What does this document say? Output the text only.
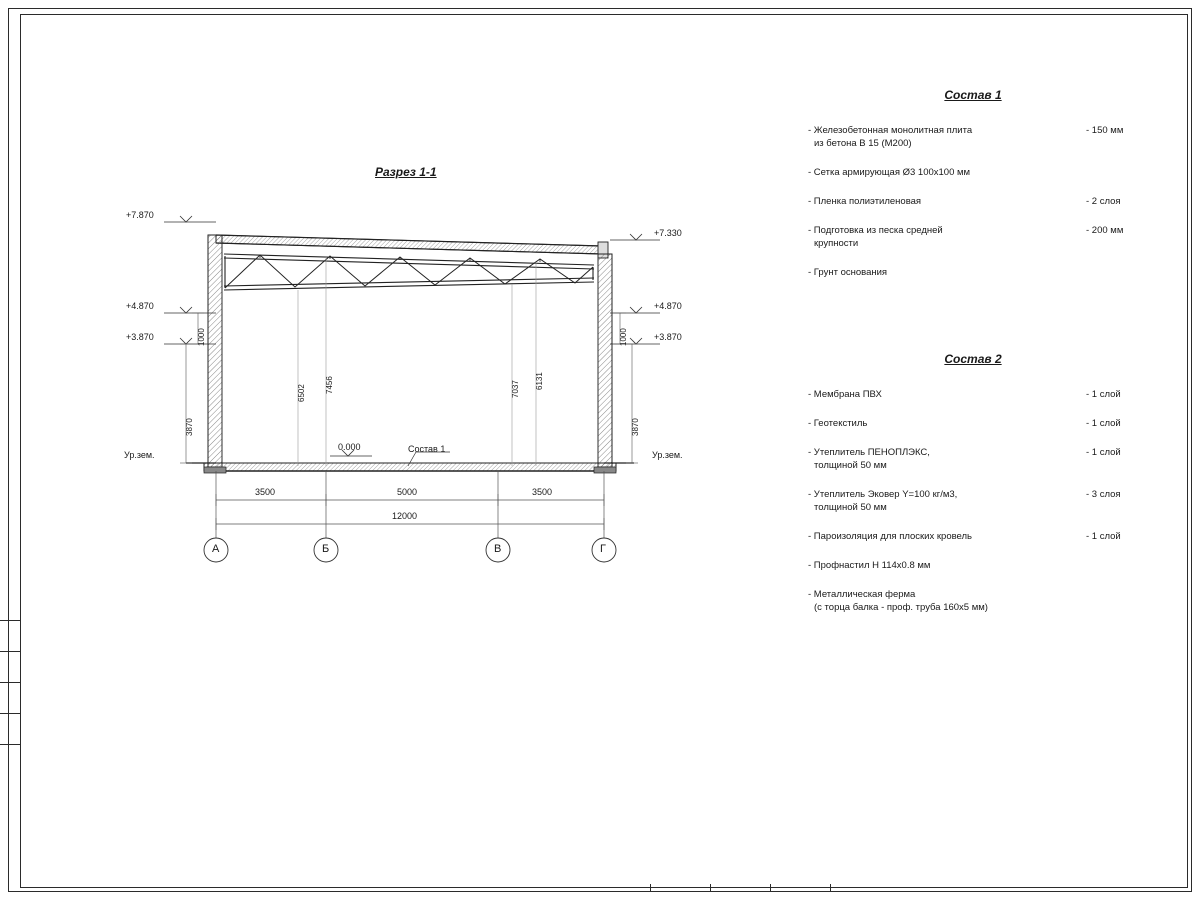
Разрез 1-1
+7.870
+4.870
+3.870
Ур.зем.
+7.330
+4.870
+3.870
Ур.зем.
0.000	Состав 1
1000
3870
1000
3870
6502 7456	7037 6131
3500	5000	3500
12000
А	Б	В	Г
Состав 1
- Железобетонная монолитная плита
из бетона В 15 (М200)
- 150 мм
- Сетка армирующая Ø3 100х100 мм
- Пленка полиэтиленовая	- 2 слоя
- Подготовка из песка средней
крупности
- 200 мм
- Грунт основания
Состав 2
- Мембрана ПВХ	- 1 слой
- Геотекстиль	- 1 слой
- Утеплитель ПЕНОПЛЭКС,
толщиной 50 мм
- 1 слой
- Утеплитель Эковер Y=100 кг/м3,
толщиной 50 мм
- 3 слоя
- Пароизоляция для плоских кровель	- 1 слой
- Профнастил Н 114х0.8 мм
- Металлическая ферма
(с торца балка - проф. труба 160х5 мм)
